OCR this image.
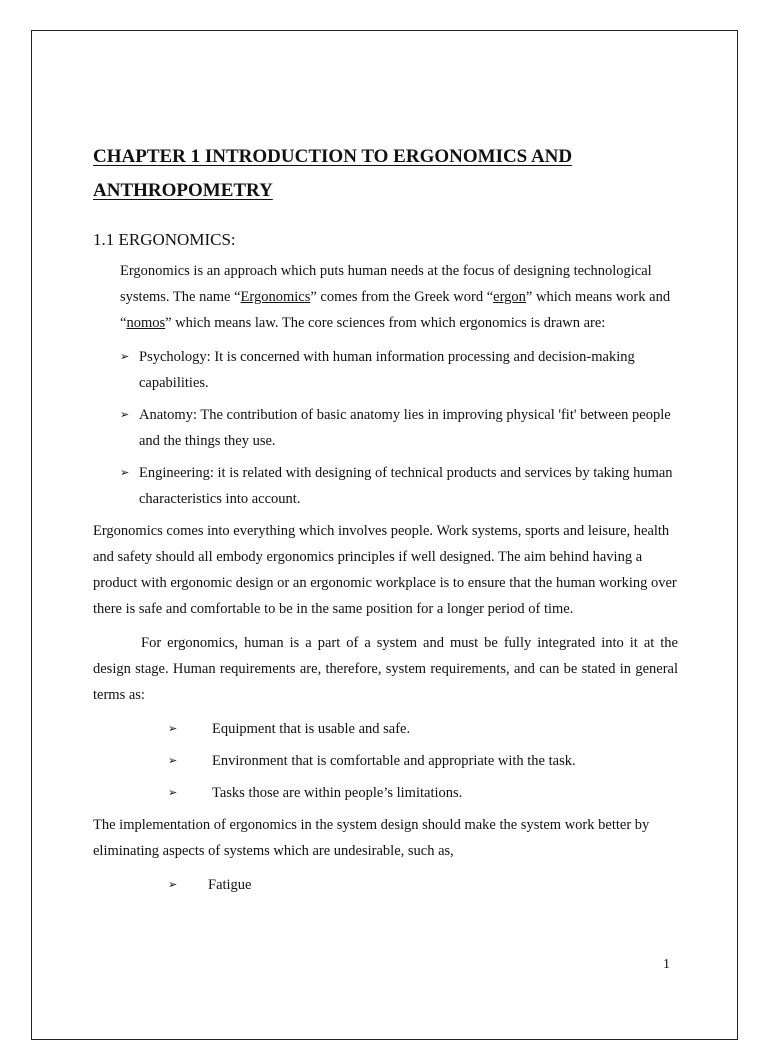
CHAPTER 1 INTRODUCTION TO ERGONOMICS AND
ANTHROPOMETRY
1.1 ERGONOMICS:

Ergonomics is an approach which puts human needs at the focus of designing technological systems. The name “Ergonomics” comes from the Greek word “ergon” which means work and “nomos” which means law. The core sciences from which ergonomics is drawn are:

➢ Psychology: It is concerned with human information processing and decision-making capabilities.
➢ Anatomy: The contribution of basic anatomy lies in improving physical 'fit' between people and the things they use.
➢ Engineering: it is related with designing of technical products and services by taking human characteristics into account.

Ergonomics comes into everything which involves people. Work systems, sports and leisure, health and safety should all embody ergonomics principles if well designed. The aim behind having a product with ergonomic design or an ergonomic workplace is to ensure that the human working over there is safe and comfortable to be in the same position for a longer period of time.

For ergonomics, human is a part of a system and must be fully integrated into it at the design stage. Human requirements are, therefore, system requirements, and can be stated in general terms as:

➢ Equipment that is usable and safe.
➢ Environment that is comfortable and appropriate with the task.
➢ Tasks those are within people’s limitations.

The implementation of ergonomics in the system design should make the system work better by eliminating aspects of systems which are undesirable, such as,

➢ Fatigue
1
